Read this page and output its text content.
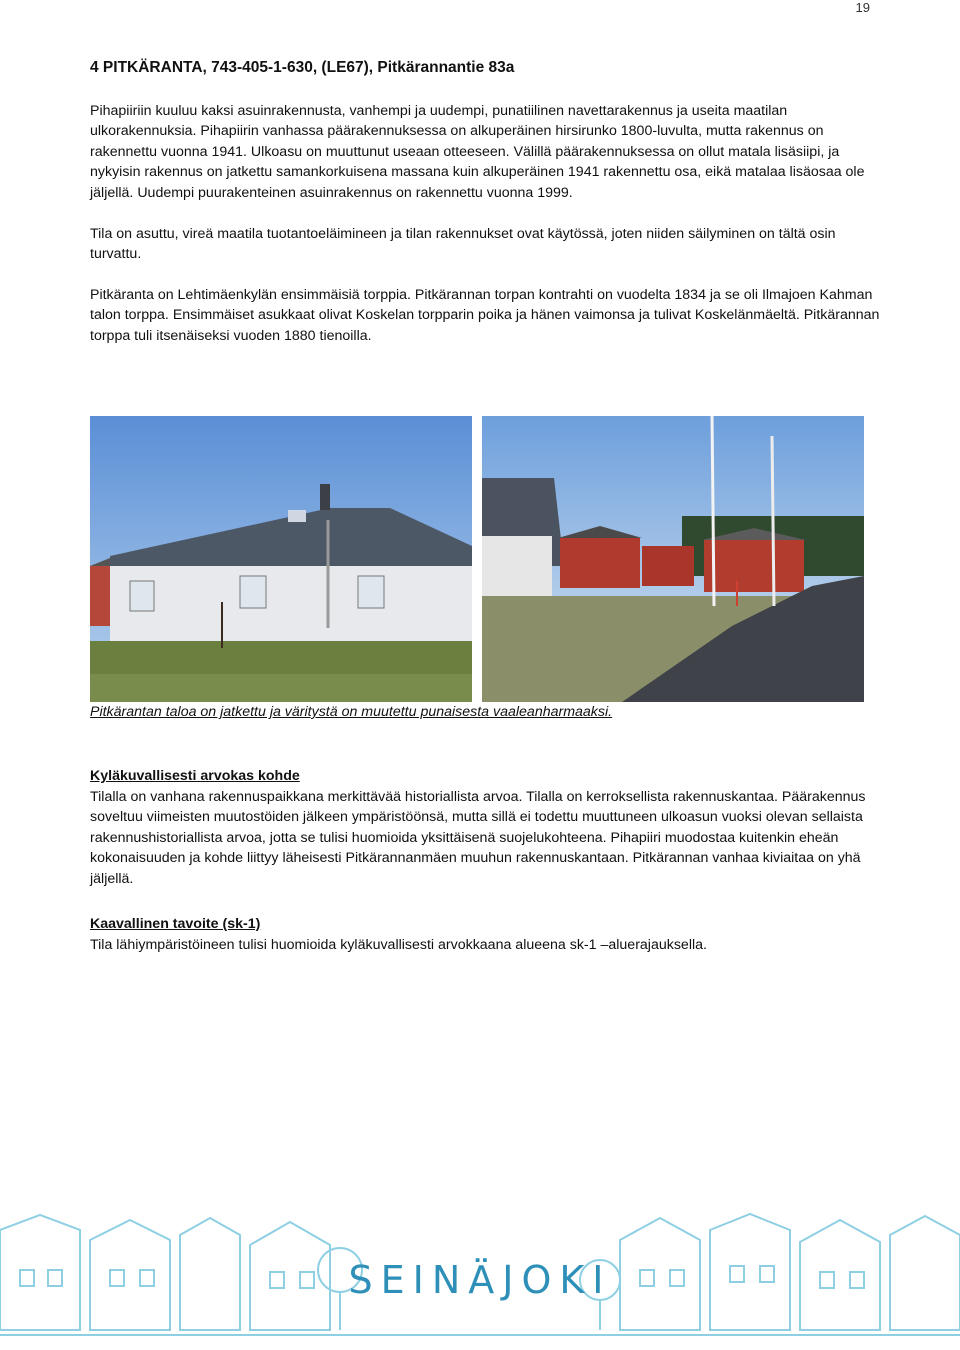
19
4 PITKÄRANTA, 743-405-1-630, (LE67), Pitkärannantie 83a

Pihapiiriin kuuluu kaksi asuinrakennusta, vanhempi ja uudempi, punatiilinen navettarakennus ja useita maatilan ulkorakennuksia. Pihapiirin vanhassa päärakennuksessa on alkuperäinen hirsirunko 1800-luvulta, mutta rakennus on rakennettu vuonna 1941. Ulkoasu on muuttunut useaan otteeseen. Välillä päärakennuksessa on ollut matala lisäsiipi, ja nykyisin rakennus on jatkettu samankorkuisena massana kuin alkuperäinen 1941 rakennettu osa, eikä matalaa lisäosaa ole jäljellä. Uudempi puurakenteinen asuinrakennus on rakennettu vuonna 1999.

Tila on asuttu, vireä maatila tuotantoeläimineen ja tilan rakennukset ovat käytössä, joten niiden säilyminen on tältä osin turvattu.

Pitkäranta on Lehtimäenkylän ensimmäisiä torppia. Pitkärannan torpan kontrahti on vuodelta 1834 ja se oli Ilmajoen Kahman talon torppa. Ensimmäiset asukkaat olivat Koskelan torpparin poika ja hänen vaimonsa ja tulivat Koskelänmäeltä. Pitkärannan torppa tuli itsenäiseksi vuoden 1880 tienoilla.

Pitkärantan taloa on jatkettu ja väritystä on muutettu punaisesta vaaleanharmaaksi.
Kyläkuvallisesti arvokas kohde
Tilalla on vanhana rakennuspaikkana merkittävää historiallista arvoa. Tilalla on kerroksellista rakennuskantaa. Päärakennus soveltuu viimeisten muutostöiden jälkeen ympäristöönsä, mutta sillä ei todettu muuttuneen ulkoasun vuoksi olevan sellaista rakennushistoriallista arvoa, jotta se tulisi huomioida yksittäisenä suojelukohteena. Pihapiiri muodostaa kuitenkin eheän kokonaisuuden ja kohde liittyy läheisesti Pitkärannanmäen muuhun rakennuskantaan. Pitkärannan vanhaa kiviaitaa on yhä jäljellä.
Kaavallinen tavoite (sk-1)
Tila lähiympäristöineen tulisi huomioida kyläkuvallisesti arvokkaana alueena sk-1 –aluerajauksella.
SEINÄJOKI
